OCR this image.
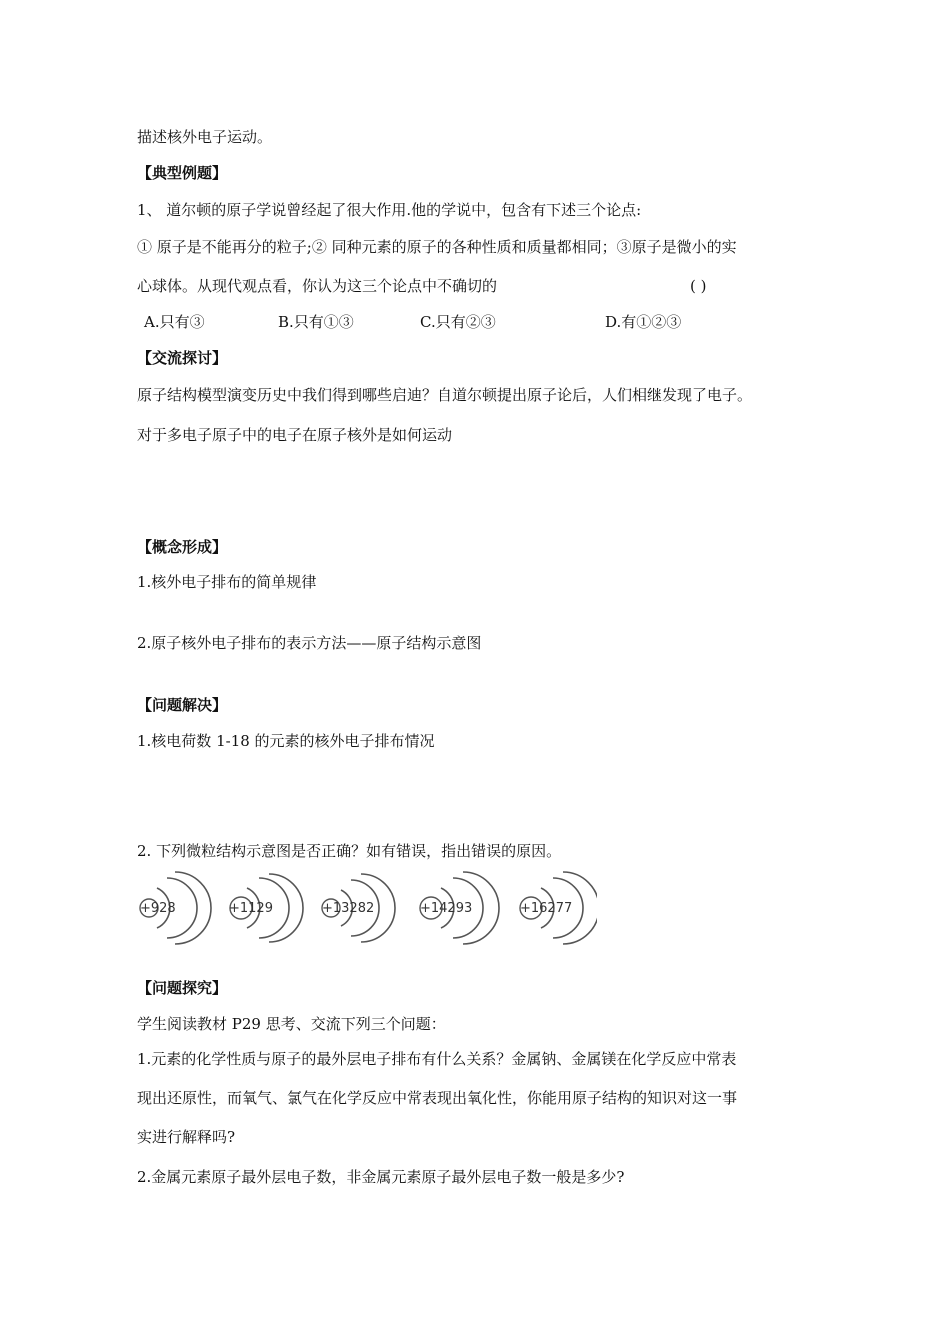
描述核外电子运动。
【典型例题】
1、 道尔顿的原子学说曾经起了很大作用.他的学说中，包含有下述三个论点:
① 原子是不能再分的粒子;② 同种元素的原子的各种性质和质量都相同；③原子是微小的实
心球体。从现代观点看，你认为这三个论点中不确切的	( )
A.只有③	B.只有①③	C.只有②③	D.有①②③
【交流探讨】
原子结构模型演变历史中我们得到哪些启迪？自道尔顿提出原子论后，人们相继发现了电子。
对于多电子原子中的电子在原子核外是如何运动
【概念形成】
1.核外电子排布的简单规律
2.原子核外电子排布的表示方法——原子结构示意图
【问题解决】
1.核电荷数 1-18 的元素的核外电子排布情况
2. 下列微粒结构示意图是否正确？如有错误，指出错误的原因。
+928	+1129	+13282	+14293	+16277
【问题探究】
学生阅读教材 P29 思考、交流下列三个问题：
1.元素的化学性质与原子的最外层电子排布有什么关系？金属钠、金属镁在化学反应中常表
现出还原性，而氧气、氯气在化学反应中常表现出氧化性，你能用原子结构的知识对这一事
实进行解释吗?
2.金属元素原子最外层电子数，非金属元素原子最外层电子数一般是多少?
